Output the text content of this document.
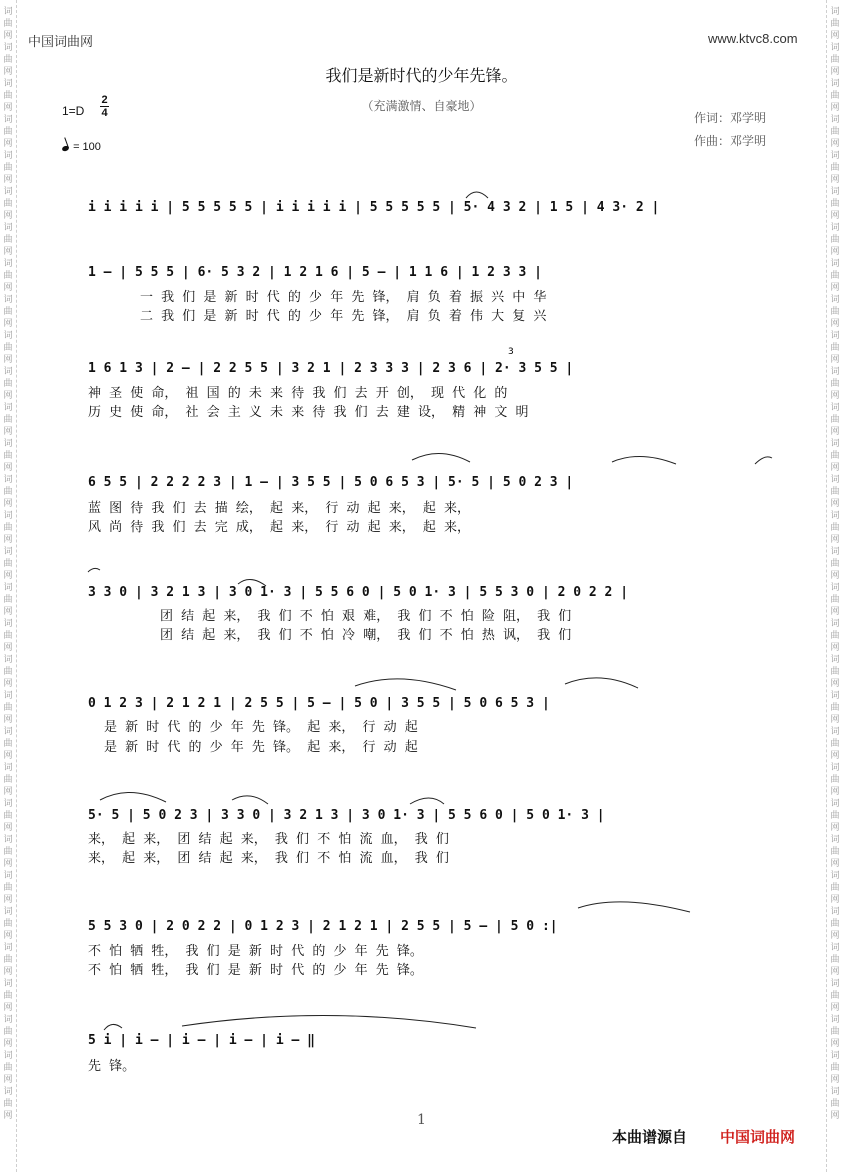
词曲网词曲网词曲网词曲网词曲网词曲网词曲网词曲网词曲网词曲网词曲网词曲网词曲网词曲网词曲网词曲网词曲网词曲网词曲网词曲网词曲网词曲网词曲网词曲网词曲网词曲网词曲网词曲网词曲网词曲网词曲网
词曲网词曲网词曲网词曲网词曲网词曲网词曲网词曲网词曲网词曲网词曲网词曲网词曲网词曲网词曲网词曲网词曲网词曲网词曲网词曲网词曲网词曲网词曲网词曲网词曲网词曲网词曲网词曲网词曲网词曲网词曲网
中国词曲网	www.ktvc8.com
我们是新时代的少年先锋。
（充满激情、自豪地）
作词：邓学明
作曲：邓学明
1=D
2
4
= 100
i i i i i | 5 5 5 5 5 | i i i i i | 5 5 5 5 5 | 5· 4 3 2 | 1 5 | 4 3· 2 |
1 – | 5 5 5 | 6· 5 3 2 | 1 2 1 6 | 5 – | 1 1 6 | 1 2 3 3 |
一 我 们 是 新 时 代 的 少 年 先 锋， 肩 负 着 振 兴 中 华
二 我 们 是 新 时 代 的 少 年 先 锋， 肩 负 着 伟 大 复 兴
1 6 1 3 | 2 – | 2 2 5 5 | 3 2 1 | 2 3 3 3 | 2 3 6 | 2· 3 5 5 |
神 圣 使 命， 祖 国 的 未 来 待 我 们 去 开 创， 现 代 化 的
历 史 使 命， 社 会 主 义 未 来 待 我 们 去 建 设， 精 神 文 明
6 5 5 | 2 2 2 2 3 | 1 – | 3 5 5 | 5 0 6 5 3 | 5· 5 | 5 0 2 3 |
蓝 图 待 我 们 去 描 绘， 起 来， 行 动 起 来， 起 来，
风 尚 待 我 们 去 完 成， 起 来， 行 动 起 来， 起 来，
3 3 0 | 3 2 1 3 | 3 0 1· 3 | 5 5 6 0 | 5 0 1· 3 | 5 5 3 0 | 2 0 2 2 |
团 结 起 来， 我 们 不 怕 艰 难， 我 们 不 怕 险 阻， 我 们
团 结 起 来， 我 们 不 怕 冷 嘲， 我 们 不 怕 热 讽， 我 们
0 1 2 3 | 2 1 2 1 | 2 5 5 | 5 – | 5 0 | 3 5 5 | 5 0 6 5 3 |
是 新 时 代 的 少 年 先 锋。 起 来， 行 动 起
是 新 时 代 的 少 年 先 锋。 起 来， 行 动 起
5· 5 | 5 0 2 3 | 3 3 0 | 3 2 1 3 | 3 0 1· 3 | 5 5 6 0 | 5 0 1· 3 |
来， 起 来， 团 结 起 来， 我 们 不 怕 流 血， 我 们
来， 起 来， 团 结 起 来， 我 们 不 怕 流 血， 我 们
5 5 3 0 | 2 0 2 2 | 0 1 2 3 | 2 1 2 1 | 2 5 5 | 5 – | 5 0 :|
不 怕 牺 牲， 我 们 是 新 时 代 的 少 年 先 锋。
不 怕 牺 牲， 我 们 是 新 时 代 的 少 年 先 锋。
5 i | i – | i – | i – | i – ‖
先 锋。
3
1
本曲谱源自 中国词曲网
